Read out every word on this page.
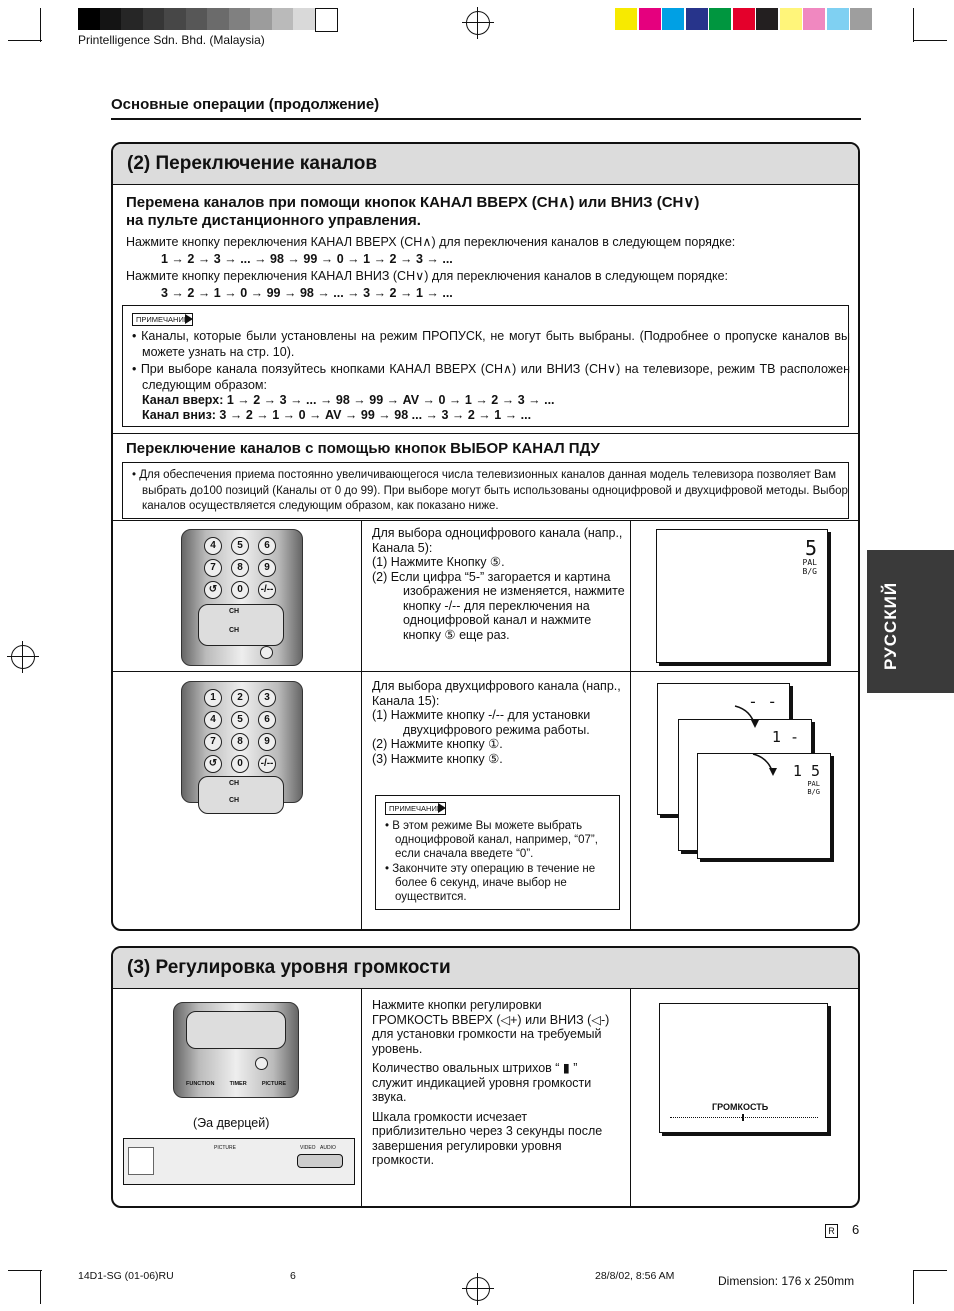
Printelligence Sdn. Bhd. (Malaysia)
Основные операции (продолжение)
РУССКИЙ
(2) Переключение каналов
Перемена каналов при помощи кнопок КАНАЛ ВВЕРХ (CH∧) или ВНИЗ (CH∨)
на пульте дистанционного управления.
Нажмите кнопку переключения КАНАЛ ВВЕРХ (CH∧) для переключения каналов в следующем порядке:
1 → 2 → 3 → ... → 98 → 99 → 0 → 1 → 2 → 3 → ...
Нажмите кнопку переключения КАНАЛ ВНИЗ (CH∨) для переключения каналов в следующем порядке:
3 → 2 → 1 → 0 → 99 → 98 → ... → 3 → 2 → 1 → ...
ПРИМЕЧАНИЕ
• Каналы, которые были установлены на режим ПРОПУСК, не могут быть выбраны. (Подробнее о пропуске каналов вы можете узнать на стр. 10).
• При выборе канала поязуйтесь кнопками КАНАЛ ВВЕРХ (CH∧) или ВНИЗ (CH∨) на телевизоре, режим ТВ расположен следующим образом:
Канал вверх: 1 → 2 → 3 → ... → 98 → 99 → AV → 0 → 1 → 2 → 3 → ...
Канал вниз: 3 → 2 → 1 → 0 → AV → 99 → 98 ... → 3 → 2 → 1 → ...
Переключение каналов с помощью кнопок ВЫБОР КАНАЛ ПДУ
• Для обеспечения приема постоянно увеличивающегося числа телевизионных каналов данная модель телевизора позволяет Вам выбрать до100 позиций (Каналы от 0 до 99). При выборе могут быть использованы одноцифровой и двухцифровой методы. Выбор каналов осуществляется следующим образом, как показано ниже.
4	5	6
7	8	9
↺	0	-/--
CH
CH
Для выбора одноцифрового канала (напр., Канала 5):
(1) Нажмите Кнопку ⑤.
(2) Если цифра “5-” загорается и картина изображения не изменяется, нажмите кнопку -/-- для переключения на одноцифровой канал и нажмите кнопку ⑤ еще раз.
5
PAL
B/G
1	2	3
4	5	6
7	8	9
↺	0	-/--
CH
CH
Для выбора двухцифрового канала (напр., Канала 15):
(1) Нажмите кнопку -/-- для установки двухцифрового режима работы.
(2) Нажмите кнопку ①.
(3) Нажмите кнопку ⑤.
ПРИМЕЧАНИЕ
• В этом режиме Вы можете выбрать одноцифровой канал, например, “07”, если сначала введете “0”.
• Закончите эту операцию в течение не более 6 секунд, иначе выбор не оуществится.
- -
1 -
1 5
PAL
B/G
(3) Регулировка уровня громкости
FUNCTION	TIMER	PICTURE
(Эа дверцей)
PICTURE	VIDEO AUDIO
Нажмите кнопки регулировки ГРОМКОСТЬ ВВЕРХ (◁+) или ВНИЗ (◁-) для установки громкости на требуемый уровень.
Количество овальных штрихов “ ▮ ” служит индикацией уровня громкости звука.
Шкала громкости исчезает приблизительно через 3 секунды после завершения регулировки уровня громкости.
ГРОМКОСТЬ
R 6
14D1-SG (01-06)RU	6	28/8/02, 8:56 AM	Dimension: 176 x 250mm
